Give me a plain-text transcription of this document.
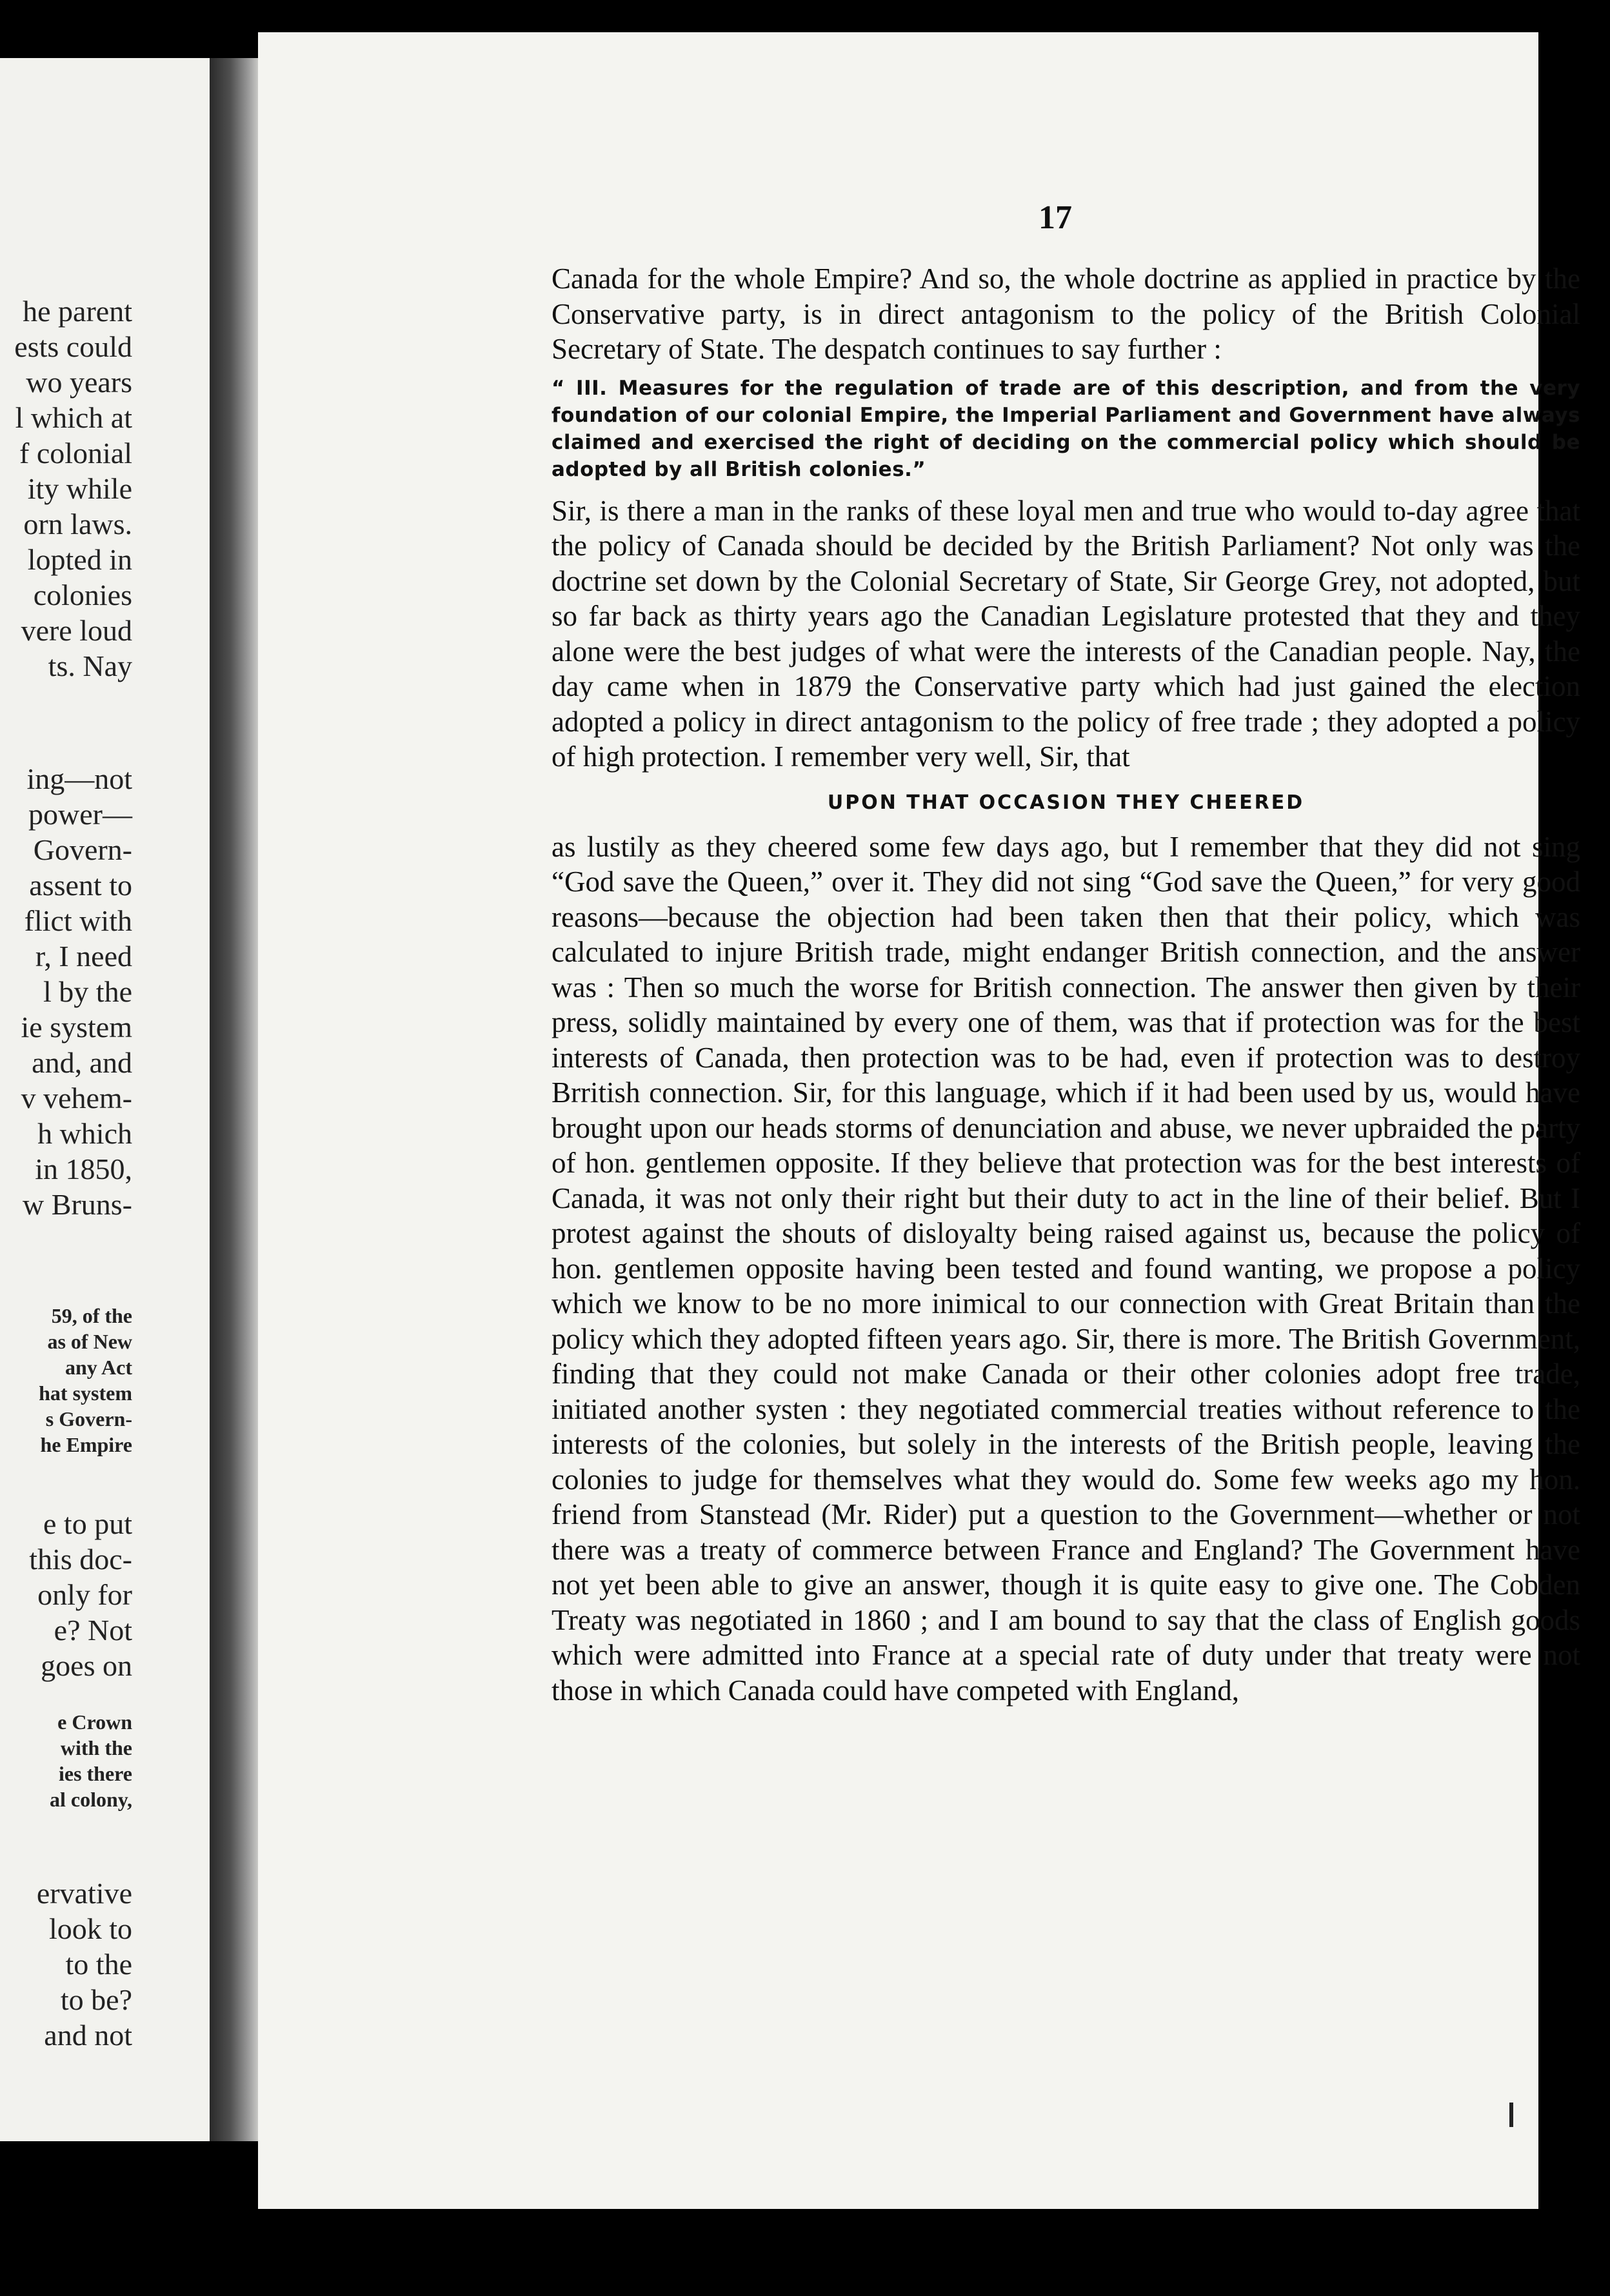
he parent
ests could
wo years
l which at
f colonial
ity while
orn laws.
lopted in
colonies
vere loud
ts. Nay
ing—not
power—
Govern-
assent to
flict with
r, I need
l by the
ie system
and, and
v vehem-
h which
in 1850,
w Bruns-
59, of the
as of New
any Act
hat system
s Govern-
he Empire
e to put
this doc-
only for
e? Not
goes on
e Crown
with the
ies there
al colony,
ervative
look to
to the
to be?
and not
17

Canada for the whole Empire? And so, the whole doctrine as applied in practice by the Conservative party, is in direct antagonism to the policy of the British Colonial Secretary of State. The despatch continues to say further :

“ III. Measures for the regulation of trade are of this description, and from the very foundation of our colonial Empire, the Imperial Parliament and Government have always claimed and exercised the right of deciding on the commercial policy which should be adopted by all British colonies.”

Sir, is there a man in the ranks of these loyal men and true who would to-day agree that the policy of Canada should be decided by the British Parliament? Not only was the doctrine set down by the Colonial Secretary of State, Sir George Grey, not adopted, but so far back as thirty years ago the Canadian Legislature protested that they and they alone were the best judges of what were the interests of the Canadian people. Nay, the day came when in 1879 the Conservative party which had just gained the election adopted a policy in direct antagonism to the policy of free trade ; they adopted a policy of high protection. I remember very well, Sir, that

UPON THAT OCCASION THEY CHEERED

as lustily as they cheered some few days ago, but I remember that they did not sing “God save the Queen,” over it. They did not sing “God save the Queen,” for very good reasons—because the objection had been taken then that their policy, which was calculated to injure British trade, might endanger British connection, and the answer was : Then so much the worse for British connection. The answer then given by their press, solidly maintained by every one of them, was that if protection was for the best interests of Canada, then protection was to be had, even if protection was to destroy Brritish connection. Sir, for this language, which if it had been used by us, would have brought upon our heads storms of denunciation and abuse, we never upbraided the party of hon. gentlemen opposite. If they believe that protection was for the best interests of Canada, it was not only their right but their duty to act in the line of their belief. But I protest against the shouts of disloyalty being raised against us, because the policy of hon. gentlemen opposite having been tested and found wanting, we propose a policy which we know to be no more inimical to our connection with Great Britain than the policy which they adopted fifteen years ago. Sir, there is more. The British Government, finding that they could not make Canada or their other colonies adopt free trade, initiated another systen : they negotiated commercial treaties without reference to the interests of the colonies, but solely in the interests of the British people, leaving the colonies to judge for themselves what they would do. Some few weeks ago my hon. friend from Stanstead (Mr. Rider) put a question to the Government—whether or not there was a treaty of commerce between France and England? The Government have not yet been able to give an answer, though it is quite easy to give one. The Cobden Treaty was negotiated in 1860 ; and I am bound to say that the class of English goods which were admitted into France at a special rate of duty under that treaty were not those in which Canada could have competed with England,
